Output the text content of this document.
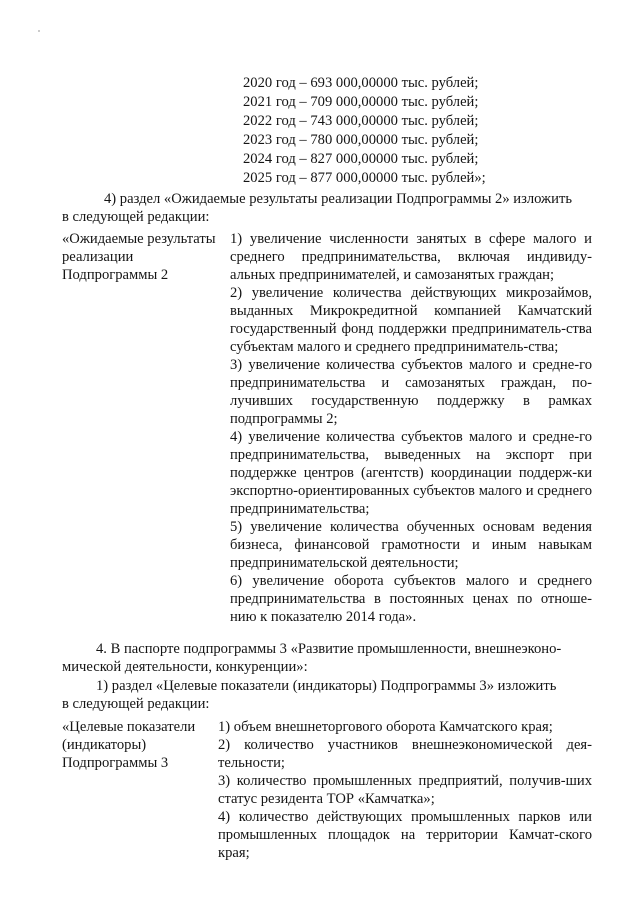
2020 год – 693 000,00000 тыс. рублей;
2021 год – 709 000,00000 тыс. рублей;
2022 год – 743 000,00000 тыс. рублей;
2023 год – 780 000,00000 тыс. рублей;
2024 год – 827 000,00000 тыс. рублей;
2025 год – 877 000,00000 тыс. рублей»;
4) раздел «Ожидаемые результаты реализации Подпрограммы 2» изложить
в следующей редакции:
«Ожидаемые результаты реализации Подпрограммы 2

1) увеличение численности занятых в сфере малого и среднего предпринимательства, включая индивиду-альных предпринимателей, и самозанятых граждан;

2) увеличение количества действующих микрозаймов, выданных Микрокредитной компанией Камчатский государственный фонд поддержки предприниматель-ства субъектам малого и среднего предприниматель-ства;

3) увеличение количества субъектов малого и средне-го предпринимательства и самозанятых граждан, по-лучивших государственную поддержку в рамках подпрограммы 2;

4) увеличение количества субъектов малого и средне-го предпринимательства, выведенных на экспорт при поддержке центров (агентств) координации поддерж-ки экспортно-ориентированных субъектов малого и среднего предпринимательства;

5) увеличение количества обученных основам ведения бизнеса, финансовой грамотности и иным навыкам предпринимательской деятельности;

6) увеличение оборота субъектов малого и среднего предпринимательства в постоянных ценах по отноше-нию к показателю 2014 года».

4. В паспорте подпрограммы 3 «Развитие промышленности, внешнеэконо-
мической деятельности, конкуренции»:
1) раздел «Целевые показатели (индикаторы) Подпрограммы 3» изложить
в следующей редакции:
«Целевые показатели (индикаторы) Подпрограммы 3

1) объем внешнеторгового оборота Камчатского края;

2) количество участников внешнеэкономической дея-тельности;

3) количество промышленных предприятий, получив-ших статус резидента ТОР «Камчатка»;

4) количество действующих промышленных парков или промышленных площадок на территории Камчат-ского края;
